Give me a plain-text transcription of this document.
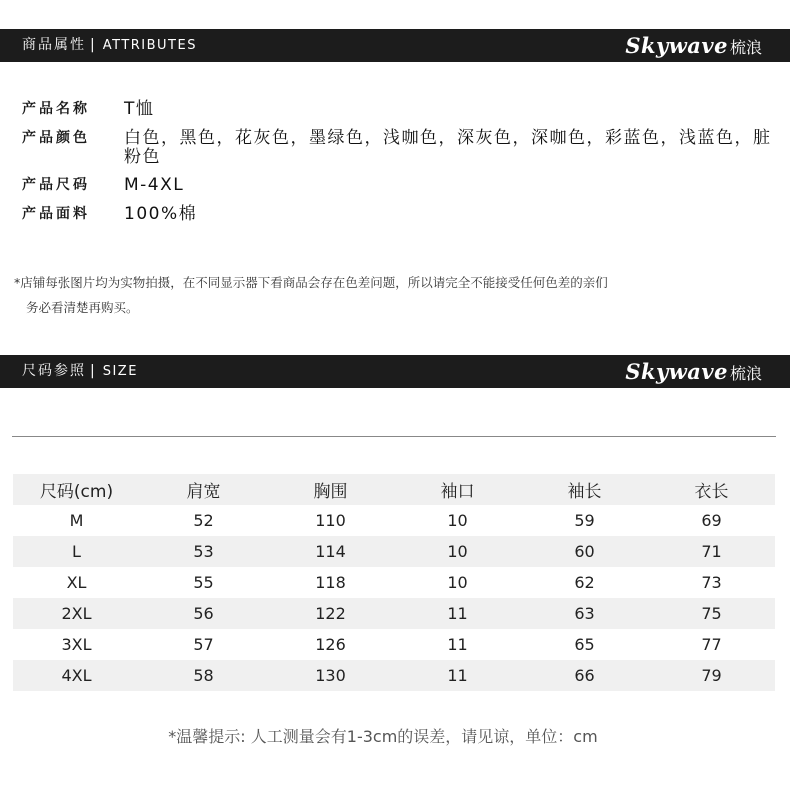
商品属性 | ATTRIBUTES	Skywave 梳浪
产品名称	T恤
产品颜色	白色，黑色，花灰色，墨绿色，浅咖色，深灰色，深咖色，彩蓝色，浅蓝色，脏粉色
产品尺码	M-4XL
产品面料	100%棉
*店铺每张图片均为实物拍摄，在不同显示器下看商品会存在色差问题，所以请完全不能接受任何色差的亲们
务必看清楚再购买。
尺码参照 | SIZE	Skywave 梳浪
尺码(cm)	肩宽	胸围	袖口	袖长	衣长
M	52	110	10	59	69
L	53	114	10	60	71
XL	55	118	10	62	73
2XL	56	122	11	63	75
3XL	57	126	11	65	77
4XL	58	130	11	66	79
*温馨提示: 人工测量会有1-3cm的误差，请见谅，单位：cm
